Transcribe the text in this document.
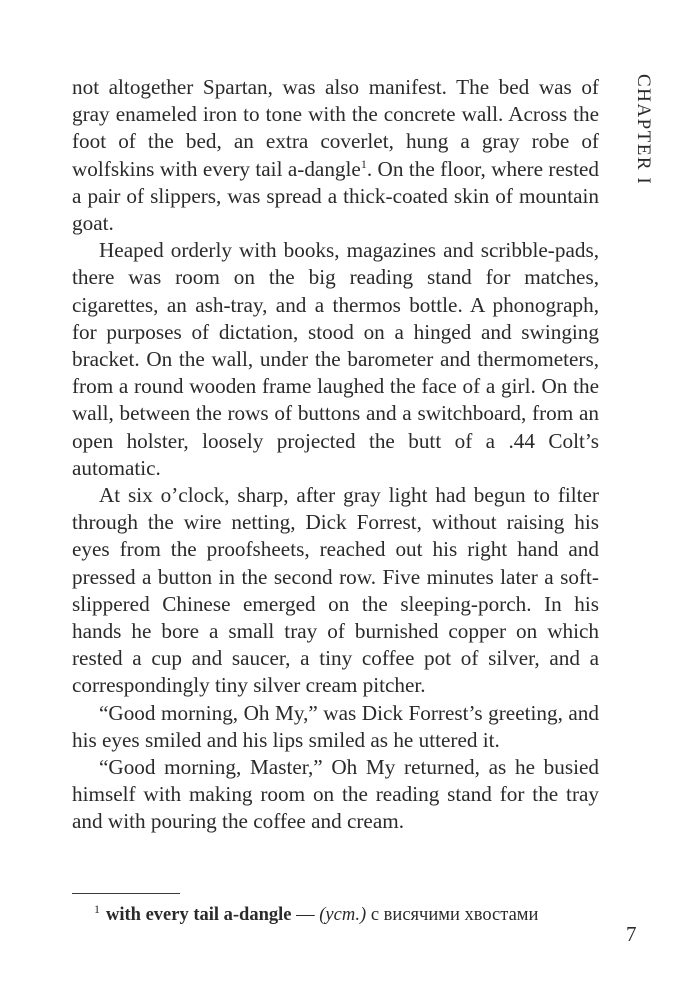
CHAPTER I

not altogether Spartan, was also manifest. The bed was of gray enameled iron to tone with the concrete wall. Across the foot of the bed, an extra coverlet, hung a gray robe of wolfskins with every tail a-dangle$^1$. On the floor, where rested a pair of slippers, was spread a thick-coated skin of mountain goat.

Heaped orderly with books, magazines and scribble-pads, there was room on the big reading stand for matches, cigarettes, an ash-tray, and a thermos bottle. A phonograph, for purposes of dictation, stood on a hinged and swinging bracket. On the wall, under the barometer and thermometers, from a round wooden frame laughed the face of a girl. On the wall, between the rows of buttons and a switchboard, from an open holster, loosely projected the butt of a .44 Colt’s automatic.

At six o’clock, sharp, after gray light had begun to filter through the wire netting, Dick Forrest, without raising his eyes from the proofsheets, reached out his right hand and pressed a button in the second row. Five minutes later a soft-slippered Chinese emerged on the sleeping-porch. In his hands he bore a small tray of burnished copper on which rested a cup and saucer, a tiny coffee pot of silver, and a correspondingly tiny silver cream pitcher.

“Good morning, Oh My,” was Dick Forrest’s greeting, and his eyes smiled and his lips smiled as he uttered it.

“Good morning, Master,” Oh My returned, as he busied himself with making room on the reading stand for the tray and with pouring the coffee and cream.

$^1$ with every tail a-dangle — (уст.) с висячими хвостами
7
